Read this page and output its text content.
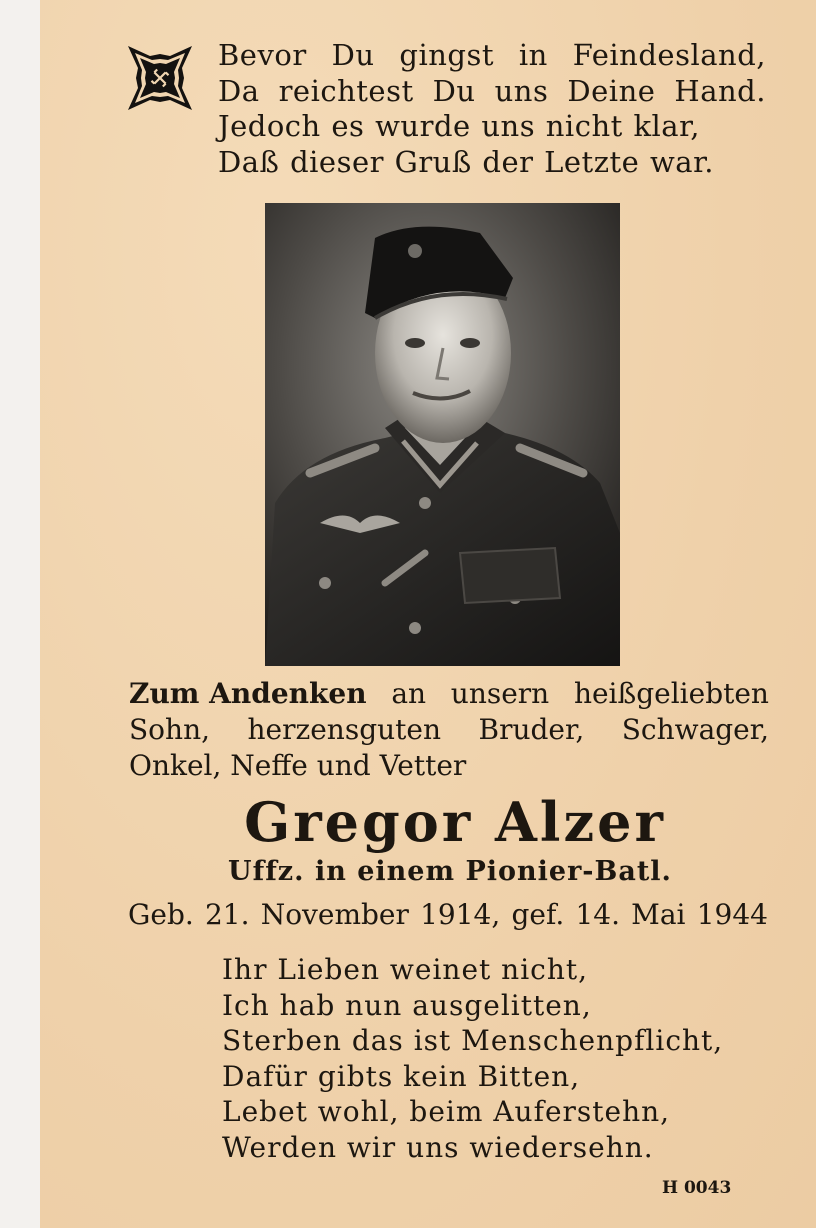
Bevor Du gingst in Feindesland,
Da reichtest Du uns Deine Hand.
Jedoch es wurde uns nicht klar,
Daß dieser Gruß der Letzte war.
Zum Andenken an unsern heißgeliebten
Sohn, herzensguten Bruder, Schwager,
Onkel, Neffe und Vetter
Gregor Alzer
Uffz. in einem Pionier-Batl.
Geb. 21. November 1914, gef. 14. Mai 1944
Ihr Lieben weinet nicht,
Ich hab nun ausgelitten,
Sterben das ist Menschenpflicht,
Dafür gibts kein Bitten,
Lebet wohl, beim Auferstehn,
Werden wir uns wiedersehn.
H 0043
